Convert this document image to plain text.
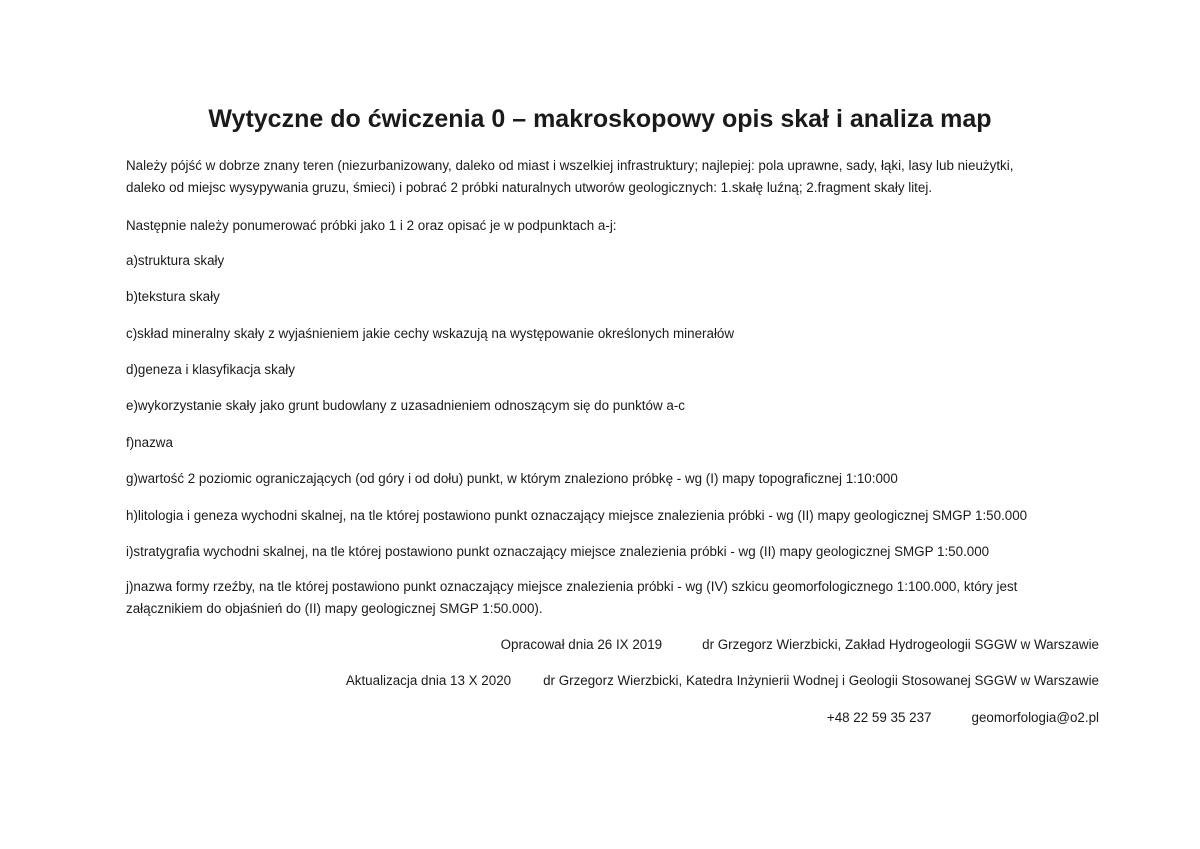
Wytyczne do ćwiczenia 0 – makroskopowy opis skał i analiza map

Należy pójść w dobrze znany teren (niezurbanizowany, daleko od miast i wszelkiej infrastruktury; najlepiej: pola uprawne, sady, łąki, lasy lub nieużytki,
daleko od miejsc wysypywania gruzu, śmieci) i pobrać 2 próbki naturalnych utworów geologicznych: 1.skałę luźną; 2.fragment skały litej.

Następnie należy ponumerować próbki jako 1 i 2 oraz opisać je w podpunktach a-j:

a)struktura skały

b)tekstura skały

c)skład mineralny skały z wyjaśnieniem jakie cechy wskazują na występowanie określonych minerałów

d)geneza i klasyfikacja skały

e)wykorzystanie skały jako grunt budowlany z uzasadnieniem odnoszącym się do punktów a-c

f)nazwa

g)wartość 2 poziomic ograniczających (od góry i od dołu) punkt, w którym znaleziono próbkę - wg (I) mapy topograficznej 1:10:000

h)litologia i geneza wychodni skalnej, na tle której postawiono punkt oznaczający miejsce znalezienia próbki - wg (II) mapy geologicznej SMGP 1:50.000

i)stratygrafia wychodni skalnej, na tle której postawiono punkt oznaczający miejsce znalezienia próbki - wg (II) mapy geologicznej SMGP 1:50.000

j)nazwa formy rzeźby, na tle której postawiono punkt oznaczający miejsce znalezienia próbki - wg (IV) szkicu geomorfologicznego 1:100.000, który jest
załącznikiem do objaśnień do (II) mapy geologicznej SMGP 1:50.000).

Opracował dnia 26 IX 2019	dr Grzegorz Wierzbicki, Zakład Hydrogeologii SGGW w Warszawie

Aktualizacja dnia 13 X 2020 dr Grzegorz Wierzbicki, Katedra Inżynierii Wodnej i Geologii Stosowanej SGGW w Warszawie

+48 22 59 35 237	geomorfologia@o2.pl
